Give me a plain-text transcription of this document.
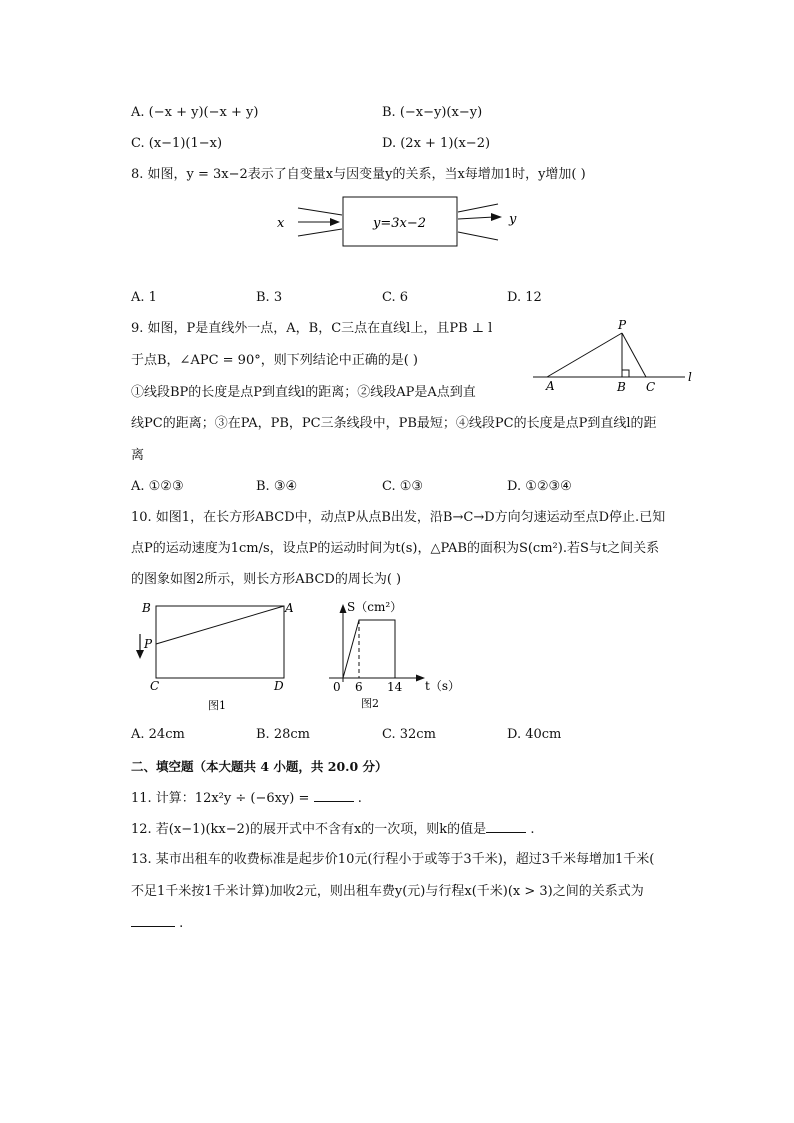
A. (−x + y)(−x + y)	B. (−x−y)(x−y)
C. (x−1)(1−x)	D. (2x + 1)(x−2)
8. 如图，y = 3x−2表示了自变量x与因变量y的关系，当x每增加1时，y增加( )
x	y=3x−2	y
A. 1	B. 3	C. 6	D. 12
9. 如图，P是直线外一点，A，B，C三点在直线l上，且PB ⊥ l
于点B，∠APC = 90°，则下列结论中正确的是( )
①线段BP的长度是点P到直线l的距离；②线段AP是A点到直
线PC的距离；③在PA，PB，PC三条线段中，PB最短；④线段PC的长度是点P到直线l的距
离
P
A	B C
l
A. ①②③	B. ③④	C. ①③	D. ①②③④
10. 如图1，在长方形ABCD中，动点P从点B出发，沿B→C→D方向匀速运动至点D停止.已知
点P的运动速度为1cm/s，设点P的运动时间为t(s)，△PAB的面积为S(cm²).若S与t之间关系
的图象如图2所示，则长方形ABCD的周长为( )
B	A
P
C	D
图1
S（cm²）
t（s）
0 6 14
图2
A. 24cm	B. 28cm	C. 32cm	D. 40cm
二、填空题（本大题共 4 小题，共 20.0 分）
11. 计算：12x²y ÷ (−6xy) =	.
12. 若(x−1)(kx−2)的展开式中不含有x的一次项，则k的值是	.
13. 某市出租车的收费标准是起步价10元(行程小于或等于3千米)，超过3千米每增加1千米(
不足1千米按1千米计算)加收2元，则出租车费y(元)与行程x(千米)(x > 3)之间的关系式为
.
